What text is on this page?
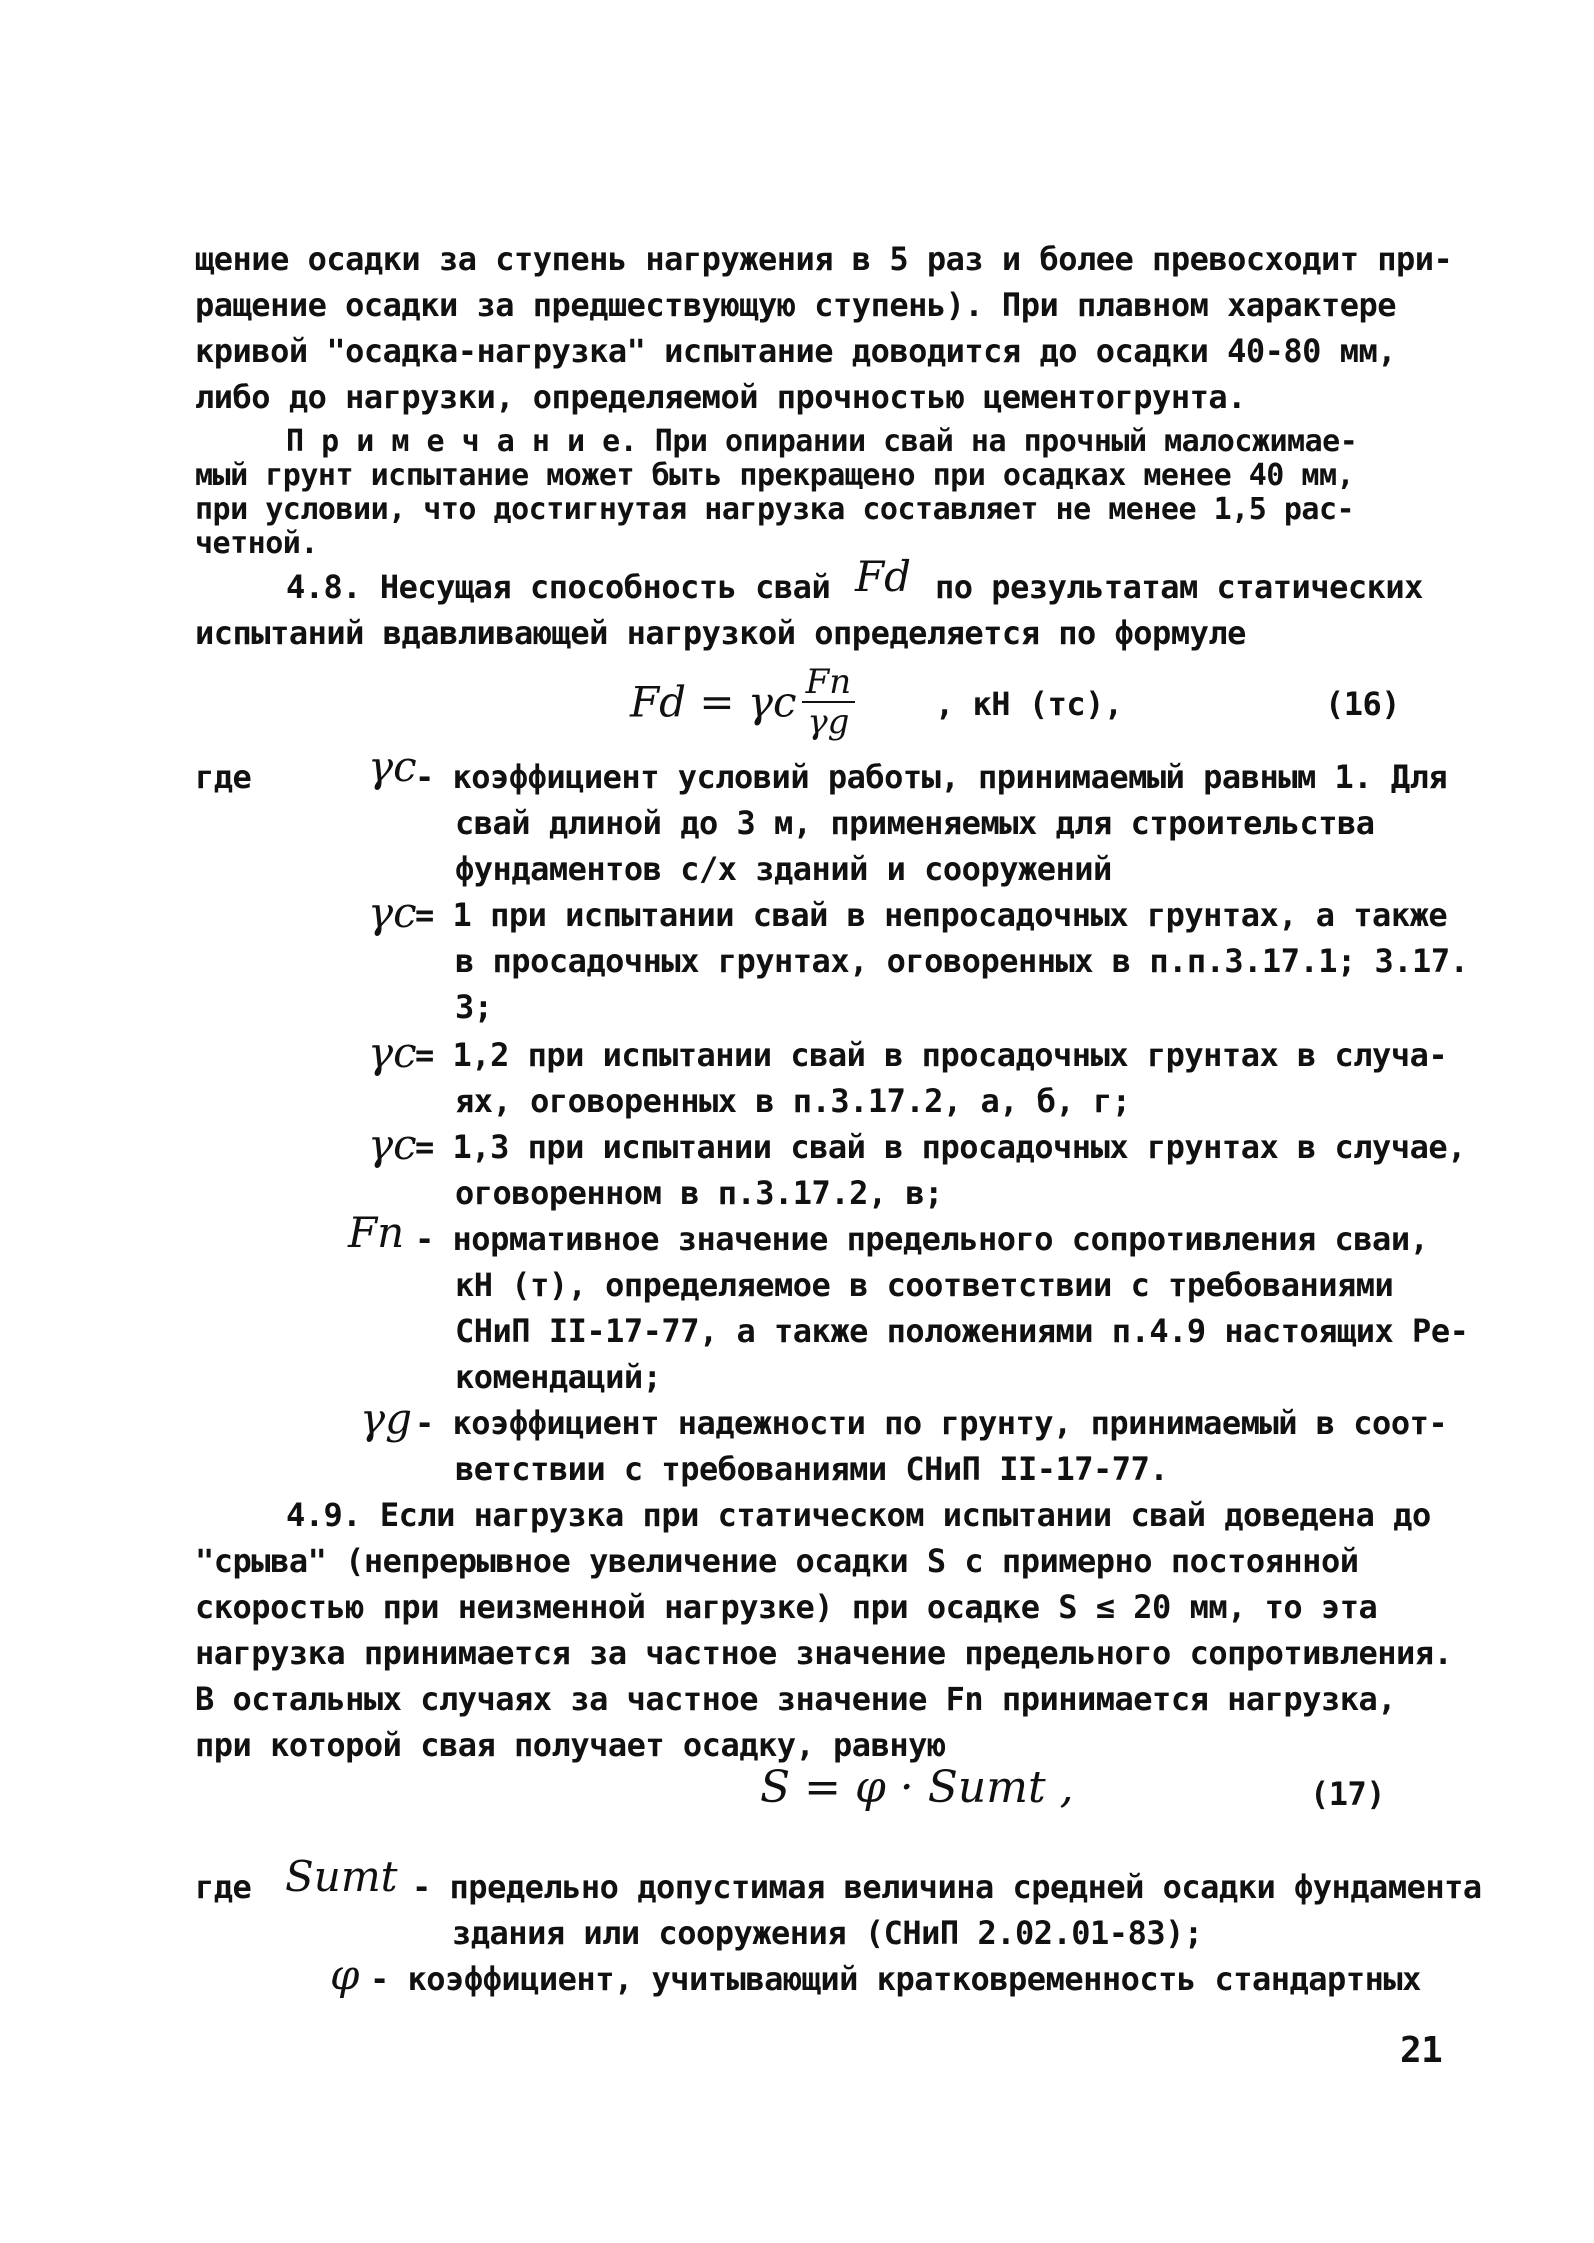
щение осадки за ступень нагружения в 5 раз и более превосходит при-
ращение осадки за предшествующую ступень). При плавном характере
кривой "осадка-нагрузка" испытание доводится до осадки 40-80 мм,
либо до нагрузки, определяемой прочностью цементогрунта.
П р и м е ч а н и е. При опирании свай на прочный малосжимае-
мый грунт испытание может быть прекращено при осадках менее 40 мм,
при условии, что достигнутая нагрузка составляет не менее 1,5 рас-
четной.
4.8. Несущая способность свай Fd по результатам статических
испытаний вдавливающей нагрузкой определяется по формуле
Fd = γc $\frac{Fn}{\gamma g}$ , кН (тс),	(16)
где	γc
- коэффициент условий работы, принимаемый равным 1. Для
свай длиной до 3 м, применяемых для строительства
фундаментов с/х зданий и сооружений
γc
= 1 при испытании свай в непросадочных грунтах, а также
в просадочных грунтах, оговоренных в п.п.3.17.1; 3.17.
3;
γc
= 1,2 при испытании свай в просадочных грунтах в случа-
ях, оговоренных в п.3.17.2, а, б, г;
γc
= 1,3 при испытании свай в просадочных грунтах в случае,
оговоренном в п.3.17.2, в;
Fn - нормативное значение предельного сопротивления сваи,
кН (т), определяемое в соответствии с требованиями
СНиП II-17-77, а также положениями п.4.9 настоящих Ре-
комендаций;
γg - коэффициент надежности по грунту, принимаемый в соот-
ветствии с требованиями СНиП II-17-77.
4.9. Если нагрузка при статическом испытании свай доведена до
"срыва" (непрерывное увеличение осадки S с примерно постоянной
скоростью при неизменной нагрузке) при осадке S ≤ 20 мм, то эта
нагрузка принимается за частное значение предельного сопротивления.
В остальных случаях за частное значение Fn принимается нагрузка,
при которой свая получает осадку, равную
S = φ · Sumt ,	(17)
где Sumt - предельно допустимая величина средней осадки фундамента
здания или сооружения (СНиП 2.02.01-83);
φ - коэффициент, учитывающий кратковременность стандартных
21
